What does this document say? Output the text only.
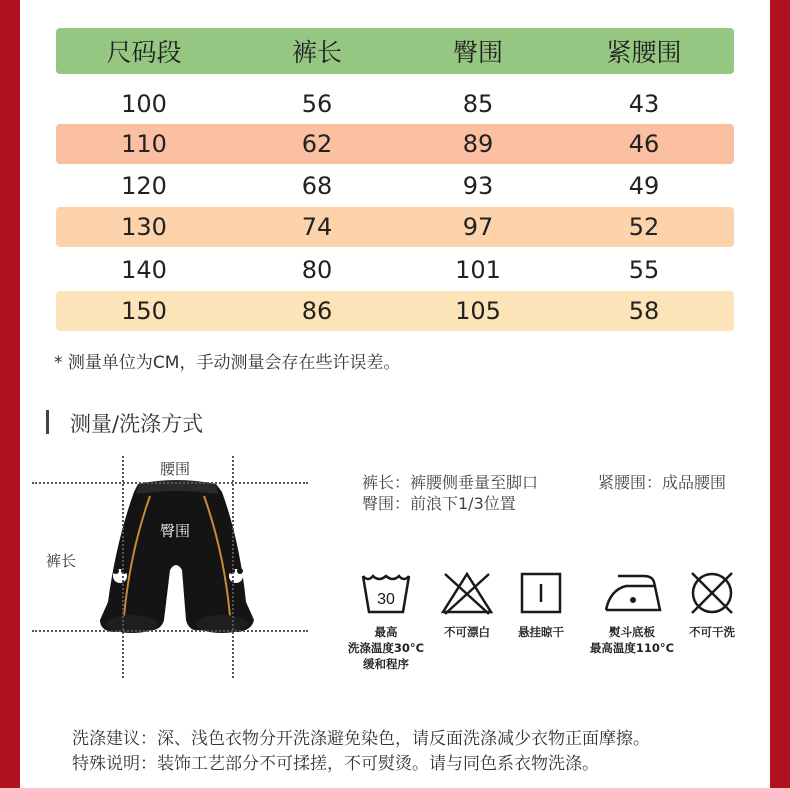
尺码段	裤长	臀围	紧腰围
100	56	85	43
110	62	89	46
120	68	93	49
130	74	97	52
140	80	101	55
150	86	105	58
* 测量单位为CM，手动测量会存在些许误差。
测量/洗涤方式
腰围
臀围
裤长
裤长：裤腰侧垂量至脚口	紧腰围：成品腰围
臀围：前浪下1/3位置
30
最高
洗涤温度30°C
缓和程序
不可漂白 悬挂晾干	熨斗底板
最高温度110°C
不可干洗
洗涤建议：深、浅色衣物分开洗涤避免染色，请反面洗涤减少衣物正面摩擦。
特殊说明：装饰工艺部分不可揉搓，不可熨烫。请与同色系衣物洗涤。
